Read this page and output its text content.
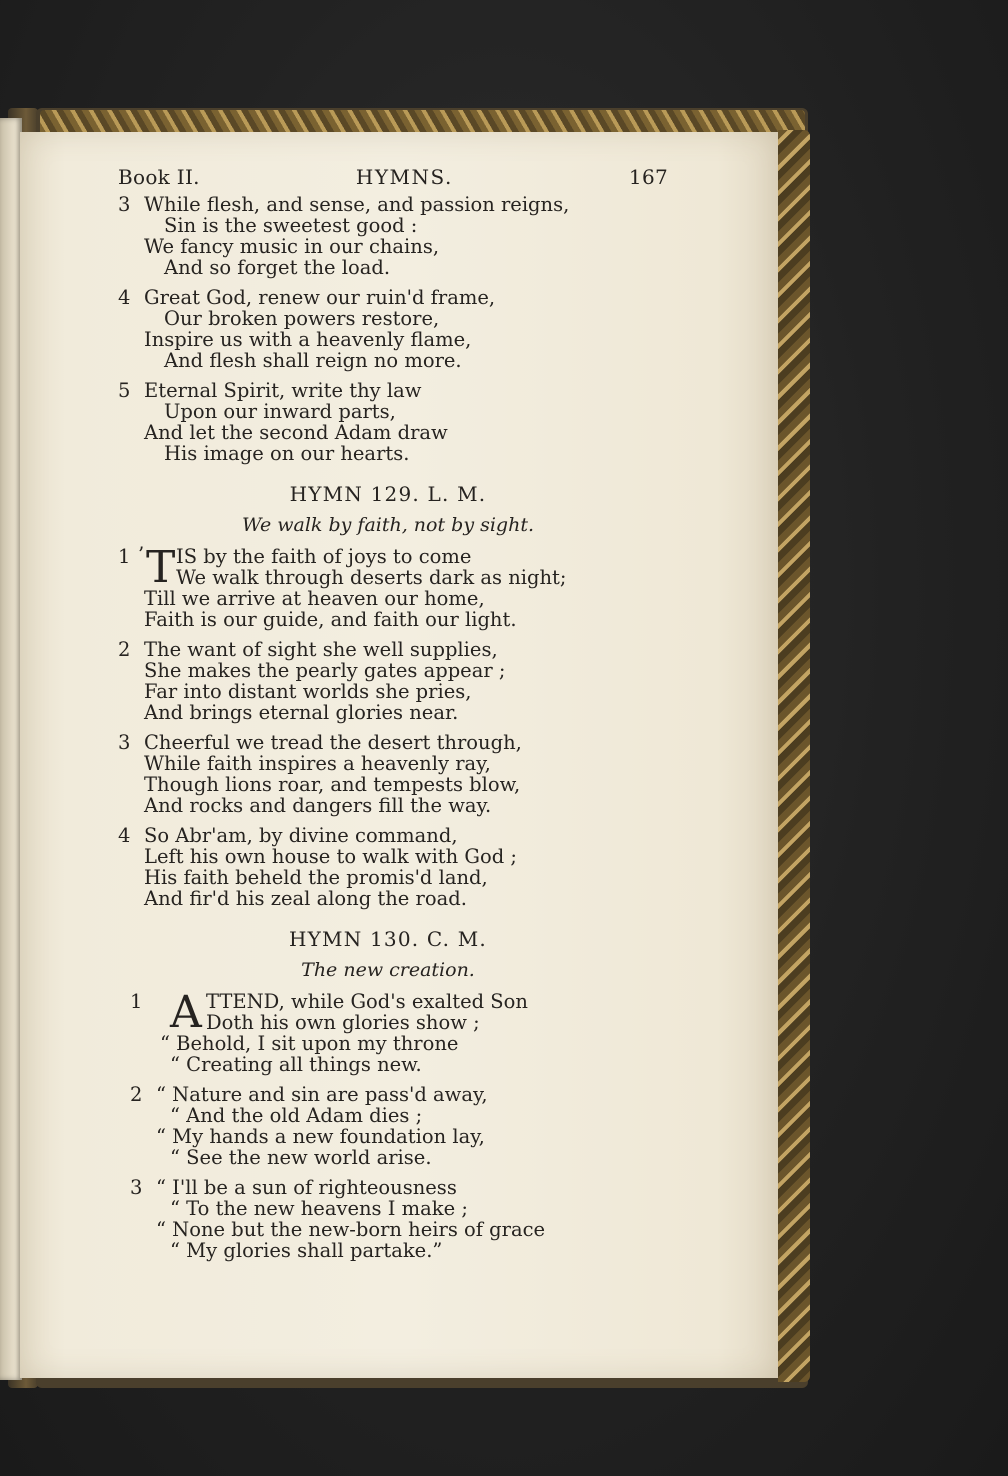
Book II.	HYMNS.	167
3 While flesh, and sense, and passion reigns,
Sin is the sweetest good :
We fancy music in our chains,
And so forget the load.
4 Great God, renew our ruin'd frame,
Our broken powers restore,
Inspire us with a heavenly flame,
And flesh shall reign no more.
5 Eternal Spirit, write thy law
Upon our inward parts,
And let the second Adam draw
His image on our hearts.
HYMN 129. L. M.
We walk by faith, not by sight.
1 ’ T IS by the faith of joys to come
We walk through deserts dark as night;
Till we arrive at heaven our home,
Faith is our guide, and faith our light.
2 The want of sight she well supplies,
She makes the pearly gates appear ;
Far into distant worlds she pries,
And brings eternal glories near.
3 Cheerful we tread the desert through,
While faith inspires a heavenly ray,
Though lions roar, and tempests blow,
And rocks and dangers fill the way.
4 So Abr'am, by divine command,
Left his own house to walk with God ;
His faith beheld the promis'd land,
And fir'd his zeal along the road.
HYMN 130. C. M.
The new creation.
1 A TTEND, while God's exalted Son
Doth his own glories show ;
“ Behold, I sit upon my throne
“ Creating all things new.
2 “ Nature and sin are pass'd away,
“ And the old Adam dies ;
“ My hands a new foundation lay,
“ See the new world arise.
3 “ I'll be a sun of righteousness
“ To the new heavens I make ;
“ None but the new-born heirs of grace
“ My glories shall partake.”
